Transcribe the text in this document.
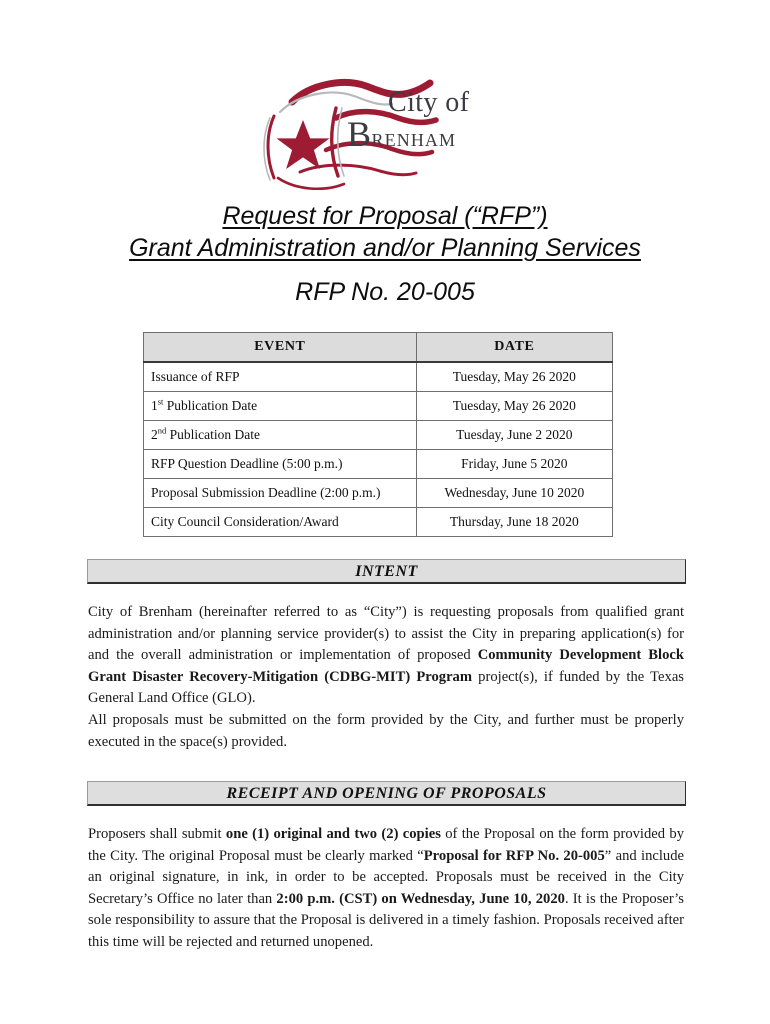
City of
Brenham
Request for Proposal (“RFP”)
Grant Administration and/or Planning Services
RFP No. 20-005
EVENT	DATE
Issuance of RFP	Tuesday, May 26 2020
1st Publication Date	Tuesday, May 26 2020
2nd Publication Date	Tuesday, June 2 2020
RFP Question Deadline (5:00 p.m.)	Friday, June 5 2020
Proposal Submission Deadline (2:00 p.m.)	Wednesday, June 10 2020
City Council Consideration/Award	Thursday, June 18 2020
INTENT
City of Brenham (hereinafter referred to as “City”) is requesting proposals from qualified grant administration and/or planning service provider(s) to assist the City in preparing application(s) for and the overall administration or implementation of proposed Community Development Block Grant Disaster Recovery-Mitigation (CDBG-MIT) Program project(s), if funded by the Texas General Land Office (GLO).
All proposals must be submitted on the form provided by the City, and further must be properly executed in the space(s) provided.
RECEIPT AND OPENING OF PROPOSALS
Proposers shall submit one (1) original and two (2) copies of the Proposal on the form provided by the City. The original Proposal must be clearly marked “Proposal for RFP No. 20-005” and include an original signature, in ink, in order to be accepted. Proposals must be received in the City Secretary’s Office no later than 2:00 p.m. (CST) on Wednesday, June 10, 2020. It is the Proposer’s sole responsibility to assure that the Proposal is delivered in a timely fashion. Proposals received after this time will be rejected and returned unopened.
